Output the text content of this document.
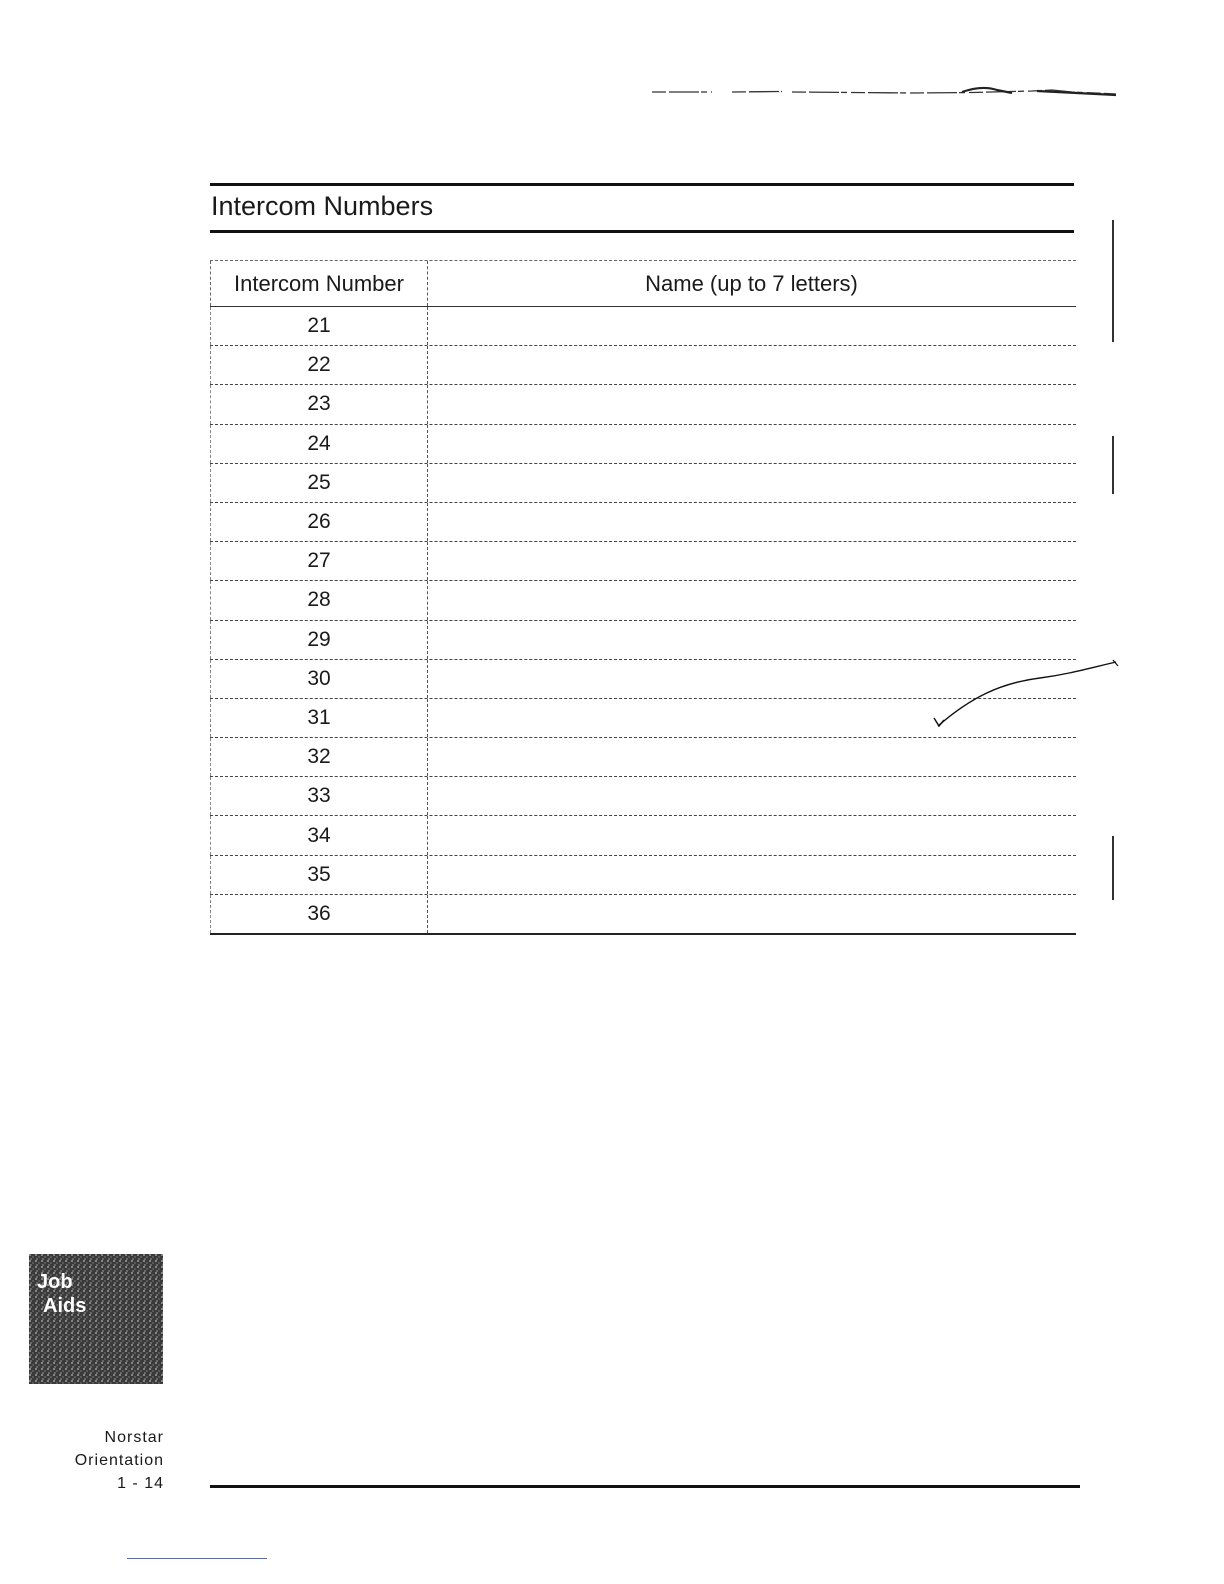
Intercom Numbers
Intercom Number	Name (up to 7 letters)
21
22
23
24
25
26
27
28
29
30
31
32
33
34
35
36
Job
Aids
Norstar
Orientation
1 - 14
